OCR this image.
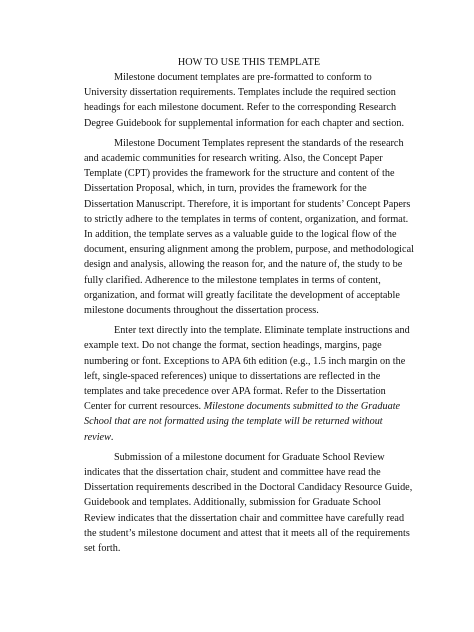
HOW TO USE THIS TEMPLATE

Milestone document templates are pre-formatted to conform to University dissertation requirements. Templates include the required section headings for each milestone document. Refer to the corresponding Research Degree Guidebook for supplemental information for each chapter and section.

Milestone Document Templates represent the standards of the research and academic communities for research writing. Also, the Concept Paper Template (CPT) provides the framework for the structure and content of the Dissertation Proposal, which, in turn, provides the framework for the Dissertation Manuscript. Therefore, it is important for students’ Concept Papers to strictly adhere to the templates in terms of content, organization, and format. In addition, the template serves as a valuable guide to the logical flow of the document, ensuring alignment among the problem, purpose, and methodological design and analysis, allowing the reason for, and the nature of, the study to be fully clarified. Adherence to the milestone templates in terms of content, organization, and format will greatly facilitate the development of acceptable milestone documents throughout the dissertation process.

Enter text directly into the template. Eliminate template instructions and example text. Do not change the format, section headings, margins, page numbering or font. Exceptions to APA 6th edition (e.g., 1.5 inch margin on the left, single-spaced references) unique to dissertations are reflected in the templates and take precedence over APA format. Refer to the Dissertation Center for current resources. Milestone documents submitted to the Graduate School that are not formatted using the template will be returned without review.

Submission of a milestone document for Graduate School Review indicates that the dissertation chair, student and committee have read the Dissertation requirements described in the Doctoral Candidacy Resource Guide, Guidebook and templates. Additionally, submission for Graduate School Review indicates that the dissertation chair and committee have carefully read the student’s milestone document and attest that it meets all of the requirements set forth.
